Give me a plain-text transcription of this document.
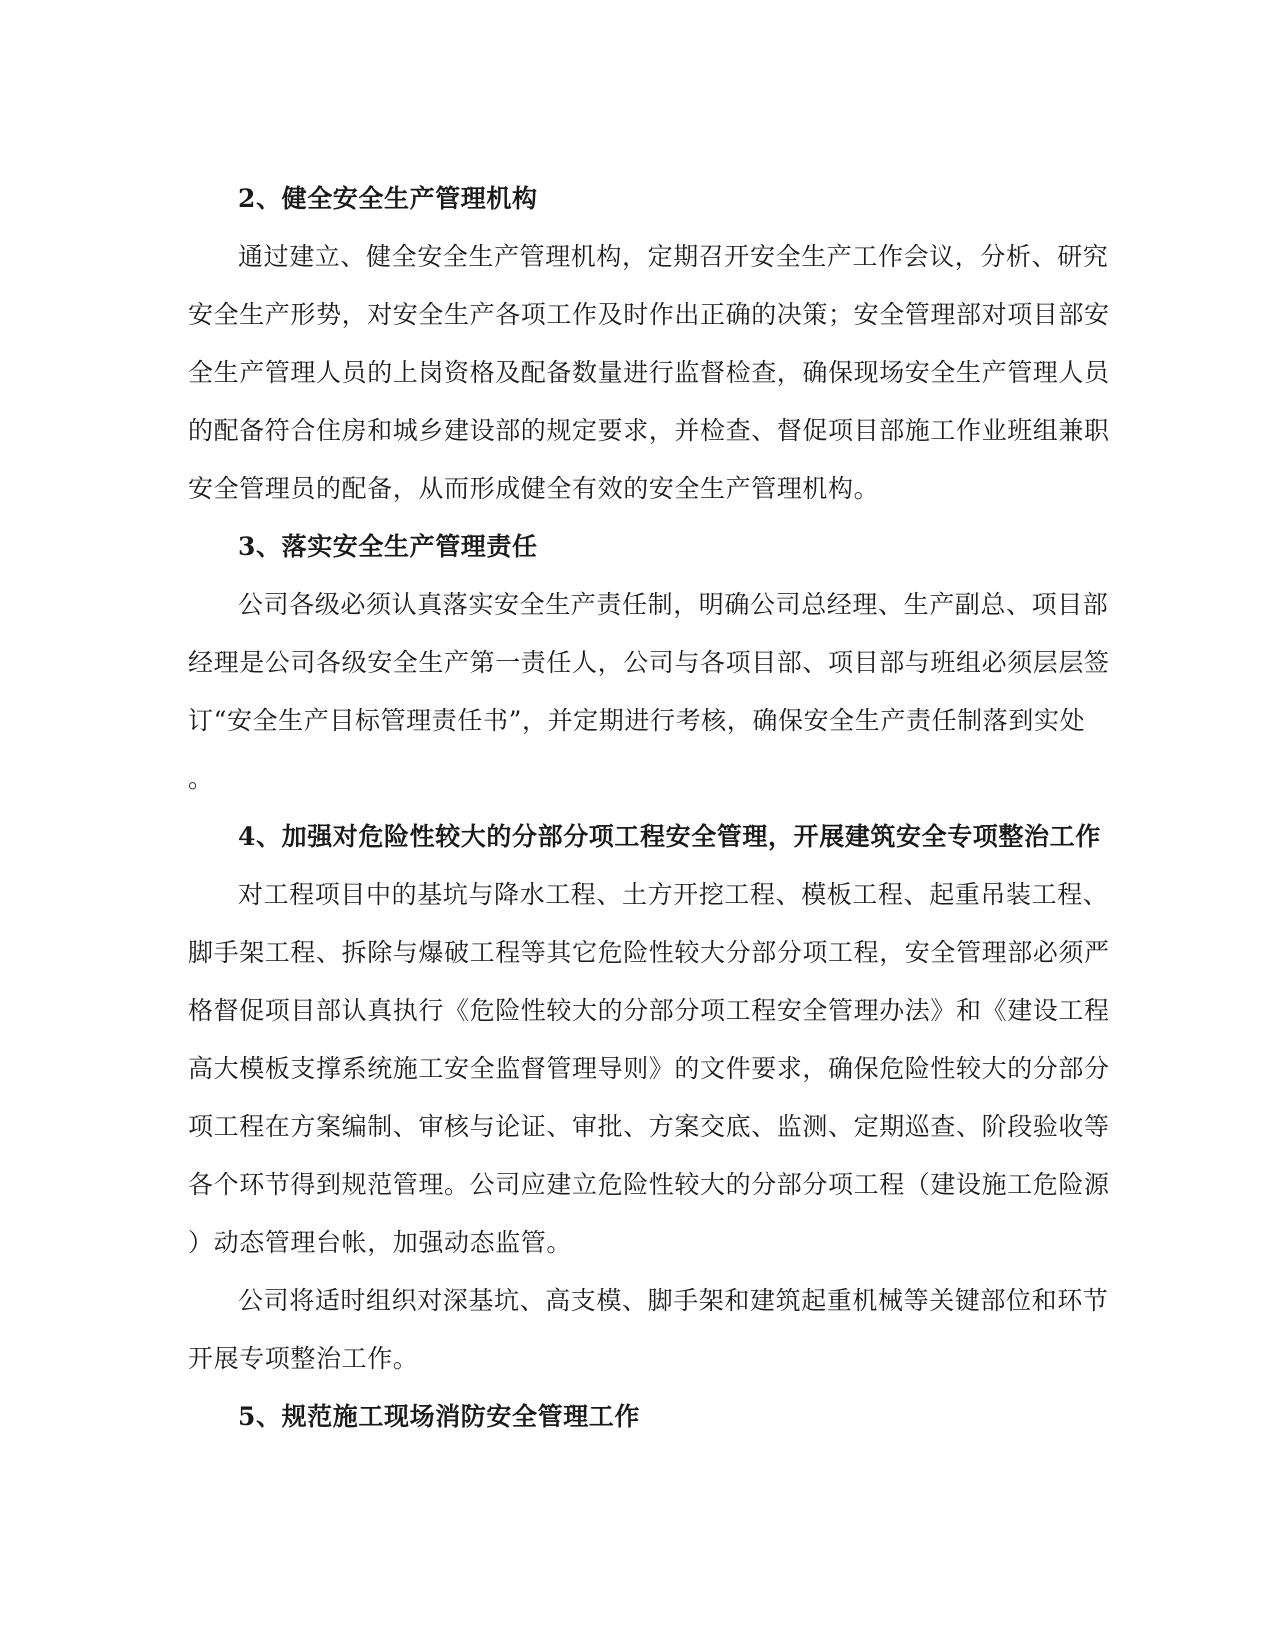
2、健全安全生产管理机构
通过建立、健全安全生产管理机构，定期召开安全生产工作会议，分析、研究
安全生产形势，对安全生产各项工作及时作出正确的决策；安全管理部对项目部安
全生产管理人员的上岗资格及配备数量进行监督检查，确保现场安全生产管理人员
的配备符合住房和城乡建设部的规定要求，并检查、督促项目部施工作业班组兼职
安全管理员的配备，从而形成健全有效的安全生产管理机构。
3、落实安全生产管理责任
公司各级必须认真落实安全生产责任制，明确公司总经理、生产副总、项目部
经理是公司各级安全生产第一责任人，公司与各项目部、项目部与班组必须层层签
订“安全生产目标管理责任书”，并定期进行考核，确保安全生产责任制落到实处
。
4、加强对危险性较大的分部分项工程安全管理，开展建筑安全专项整治工作
对工程项目中的基坑与降水工程、土方开挖工程、模板工程、起重吊装工程、
脚手架工程、拆除与爆破工程等其它危险性较大分部分项工程，安全管理部必须严
格督促项目部认真执行《危险性较大的分部分项工程安全管理办法》和《建设工程
高大模板支撑系统施工安全监督管理导则》的文件要求，确保危险性较大的分部分
项工程在方案编制、审核与论证、审批、方案交底、监测、定期巡查、阶段验收等
各个环节得到规范管理。公司应建立危险性较大的分部分项工程（建设施工危险源
）动态管理台帐，加强动态监管。
公司将适时组织对深基坑、高支模、脚手架和建筑起重机械等关键部位和环节
开展专项整治工作。
5、规范施工现场消防安全管理工作
